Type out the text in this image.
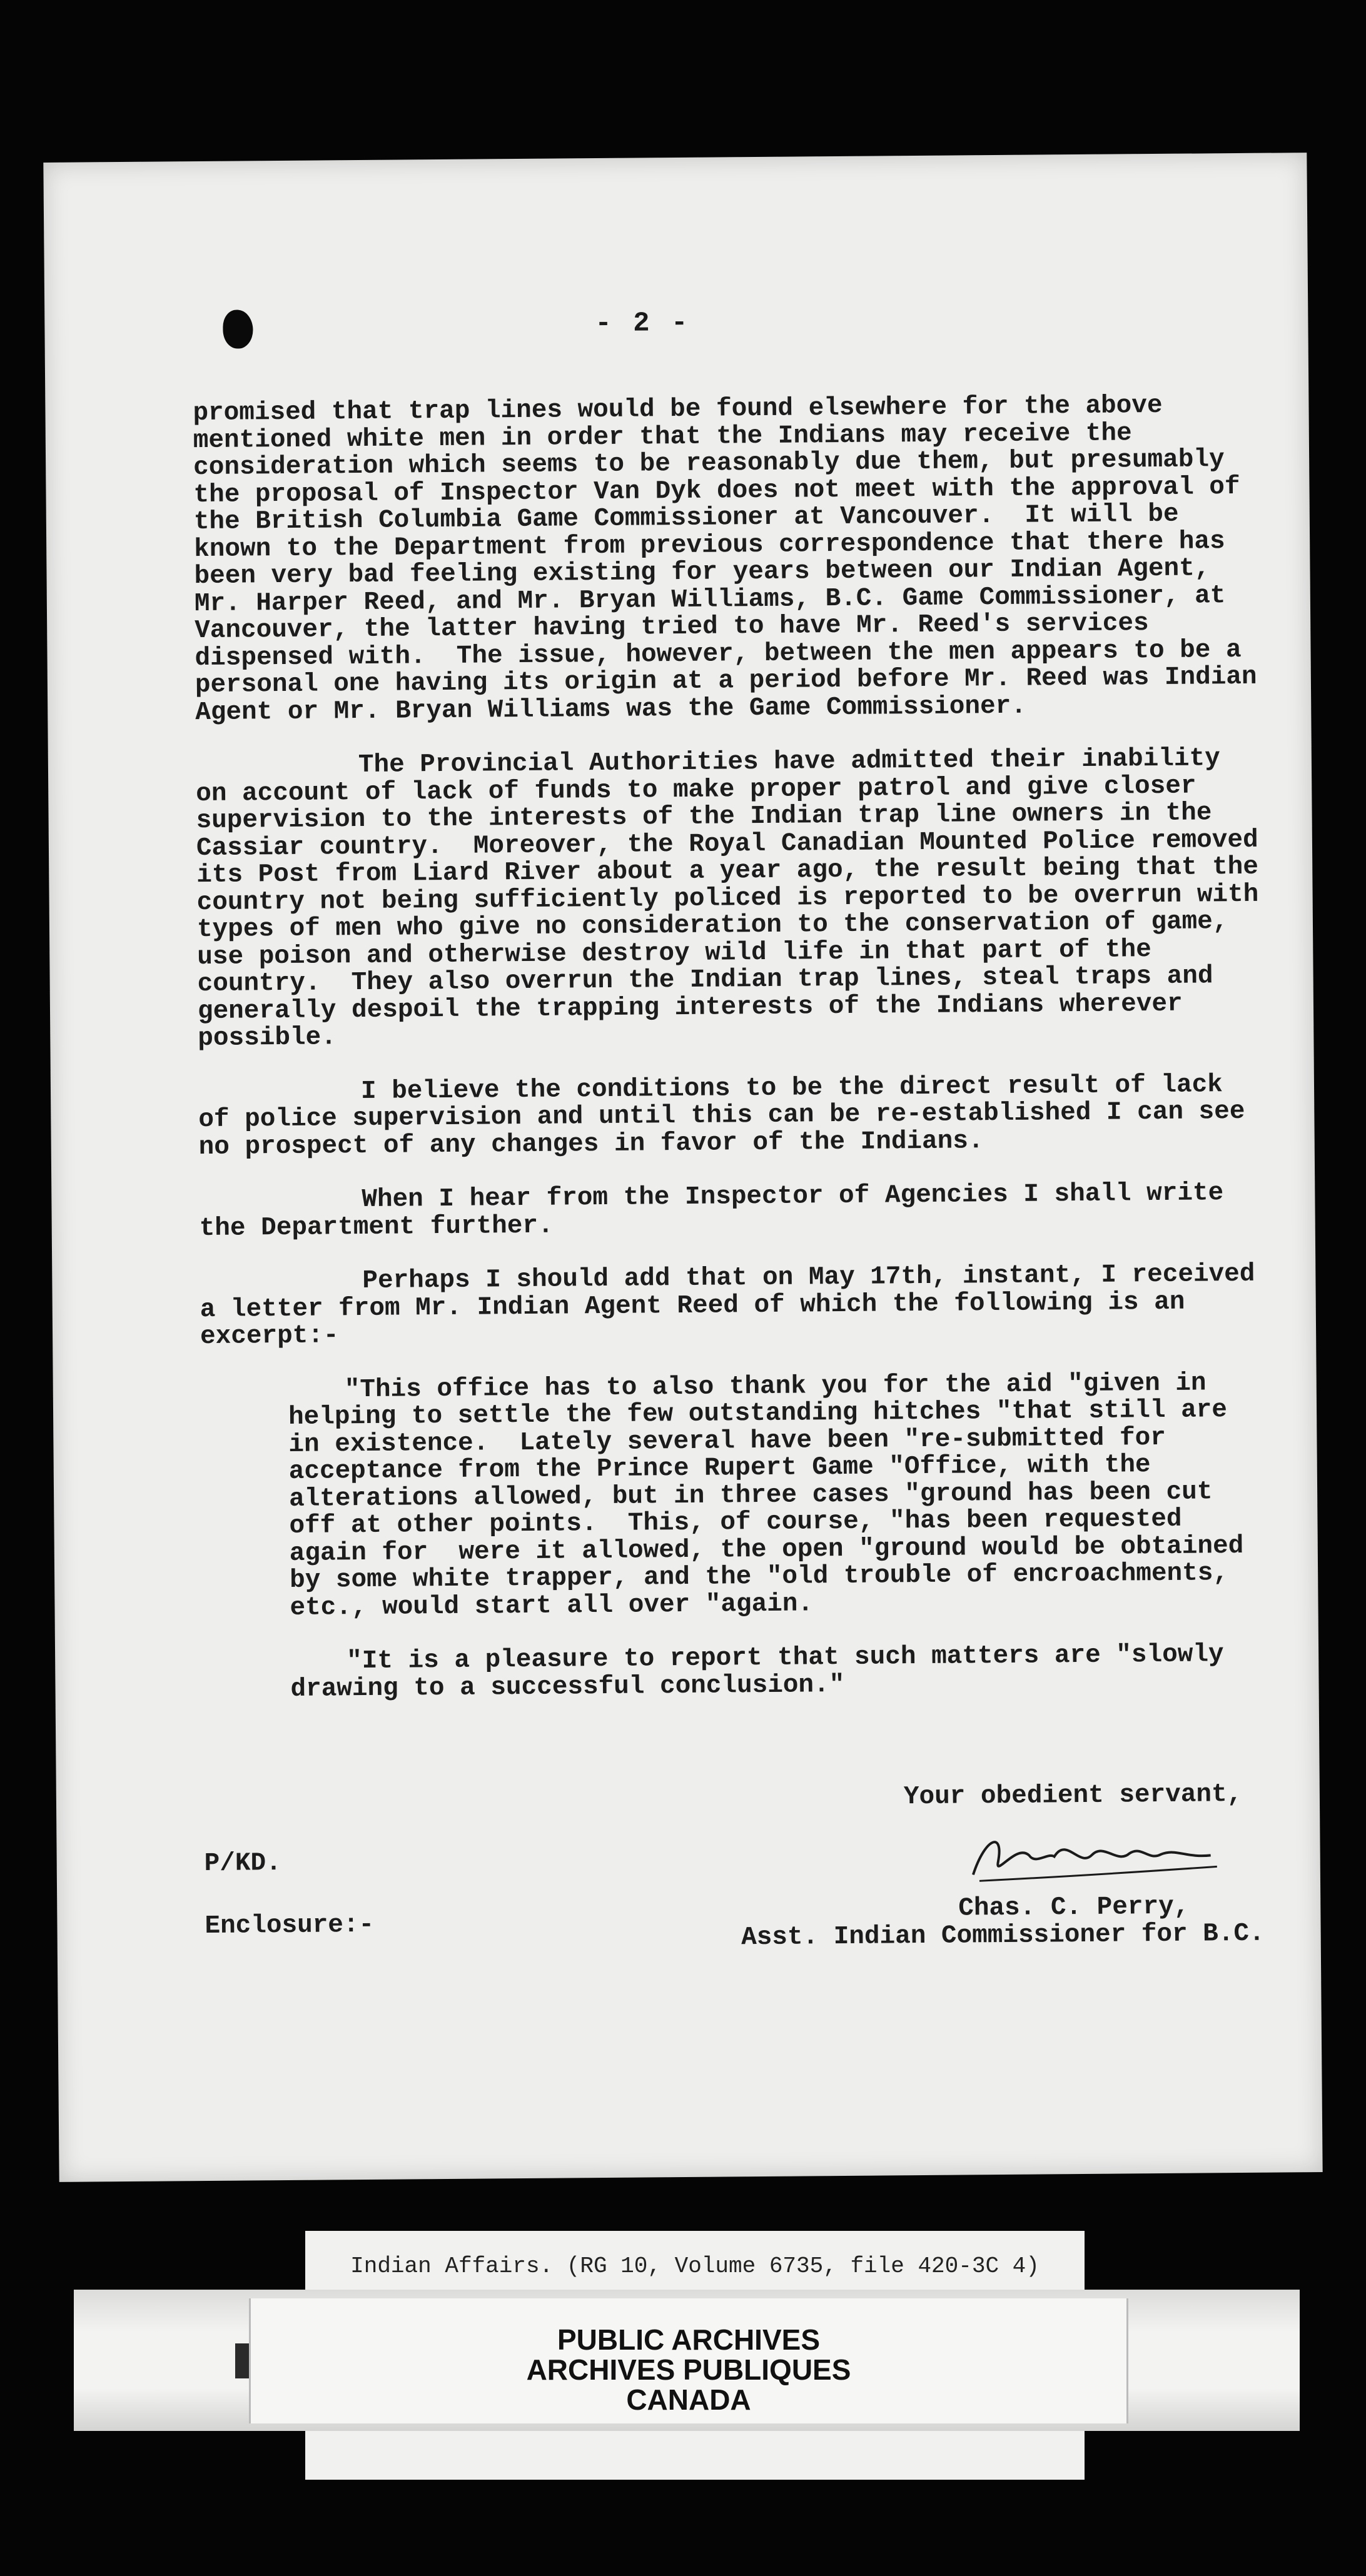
- 2 -

promised that trap lines would be found elsewhere for the above mentioned white men in order that the Indians may receive the consideration which seems to be reasonably due them, but presumably the proposal of Inspector Van Dyk does not meet with the approval of the British Columbia Game Commissioner at Vancouver.  It will be known to the Department from previous correspondence that there has been very bad feeling existing for years between our Indian Agent, Mr. Harper Reed, and Mr. Bryan Williams, B.C. Game Commissioner, at Vancouver, the latter having tried to have Mr. Reed's services dispensed with.  The issue, however, between the men appears to be a personal one having its origin at a period before Mr. Reed was Indian Agent or Mr. Bryan Williams was the Game Commissioner.

The Provincial Authorities have admitted their inability on account of lack of funds to make proper patrol and give closer supervision to the interests of the Indian trap line owners in the Cassiar country.  Moreover, the Royal Canadian Mounted Police removed its Post from Liard River about a year ago, the result being that the country not being sufficiently policed is reported to be overrun with types of men who give no consideration to the conservation of game, use poison and otherwise destroy wild life in that part of the country.  They also overrun the Indian trap lines, steal traps and generally despoil the trapping interests of the Indians wherever possible.

I believe the conditions to be the direct result of lack of police supervision and until this can be re-established I can see no prospect of any changes in favor of the Indians.

When I hear from the Inspector of Agencies I shall write the Department further.

Perhaps I should add that on May 17th, instant, I received a letter from Mr. Indian Agent Reed of which the following is an excerpt:-

"This office has to also thank you for the aid "given in helping to settle the few outstanding hitches "that still are in existence.  Lately several have been "re-submitted for acceptance from the Prince Rupert Game "Office, with the alterations allowed, but in three cases "ground has been cut off at other points.  This, of course, "has been requested again for  were it allowed, the open "ground would be obtained by some white trapper, and the "old trouble of encroachments, etc., would start all over "again.

"It is a pleasure to report that such matters are "slowly drawing to a successful conclusion."

Your obedient servant,
P/KD.
Enclosure:-
Chas. C. Perry,
Asst. Indian Commissioner for B.C.
Indian Affairs. (RG 10, Volume 6735, file 420-3C 4)
PUBLIC ARCHIVES
ARCHIVES PUBLIQUES
CANADA
